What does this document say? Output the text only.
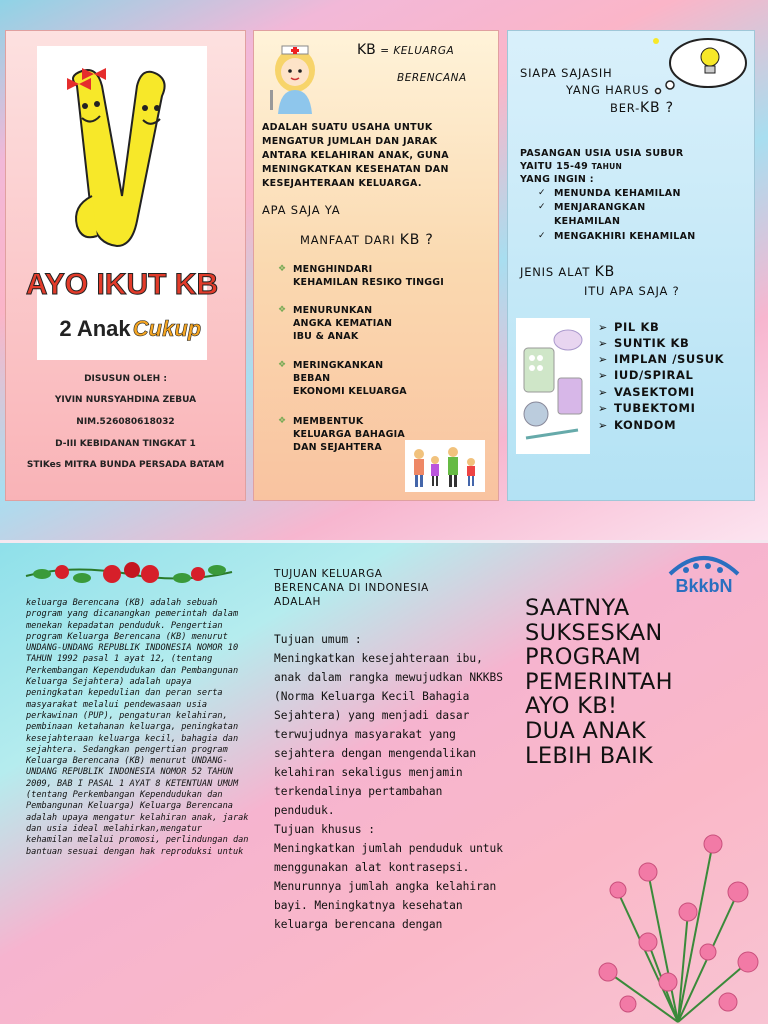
AYO IKUT KB
2 Anak Cukup
DISUSUN OLEH :
YIVIN NURSYAHDINA ZEBUA
NIM.526080618032
D-III KEBIDANAN TINGKAT 1
STIKes MITRA BUNDA PERSADA BATAM
KB = KELUARGA
BERENCANA
ADALAH SUATU USAHA UNTUK
MENGATUR JUMLAH DAN JARAK
ANTARA KELAHIRAN ANAK, GUNA
MENINGKATKAN KESEHATAN DAN
KESEJAHTERAAN KELUARGA.
APA SAJA YA
MANFAAT DARI KB ?
❖ MENGHINDARI
KEHAMILAN RESIKO TINGGI
❖ MENURUNKAN
ANGKA KEMATIAN
IBU & ANAK
❖ MERINGKANKAN
BEBAN
EKONOMI KELUARGA
❖ MEMBENTUK
KELUARGA BAHAGIA
DAN SEJAHTERA
SIAPA SAJASIH
YANG HARUS
BER-KB ?
PASANGAN USIA USIA SUBUR
YAITU 15-49 TAHUN
YANG INGIN :
✓ MENUNDA KEHAMILAN
✓ MENJARANGKAN
KEHAMILAN
✓ MENGAKHIRI KEHAMILAN
JENIS ALAT KB
ITU APA SAJA ?
➢ PIL KB
➢ SUNTIK KB
➢ IMPLAN /SUSUK
➢ IUD/SPIRAL
➢ VASEKTOMI
➢ TUBEKTOMI
➢ KONDOM
keluarga Berencana (KB) adalah sebuah program yang dicanangkan pemerintah dalam menekan kepadatan penduduk. Pengertian program Keluarga Berencana (KB) menurut UNDANG-UNDANG REPUBLIK INDONESIA NOMOR 10 TAHUN 1992 pasal 1 ayat 12, (tentang Perkembangan Kependudukan dan Pembangunan Keluarga Sejahtera) adalah upaya peningkatan kepedulian dan peran serta masyarakat melalui pendewasaan usia perkawinan (PUP), pengaturan kelahiran, pembinaan ketahanan keluarga, peningkatan kesejahteraan keluarga kecil, bahagia dan sejahtera. Sedangkan pengertian program Keluarga Berencana (KB) menurut UNDANG-UNDANG REPUBLIK INDONESIA NOMOR 52 TAHUN 2009, BAB I PASAL 1 AYAT 8 KETENTUAN UMUM (tentang Perkembangan Kependudukan dan Pembangunan Keluarga) Keluarga Berencana adalah upaya mengatur kelahiran anak, jarak dan usia ideal melahirkan,mengatur kehamilan melalui promosi, perlindungan dan bantuan sesuai dengan hak reproduksi untuk
TUJUAN KELUARGA
BERENCANA DI INDONESIA
ADALAH
Tujuan umum :
Meningkatkan kesejahteraan ibu, anak dalam rangka mewujudkan NKKBS (Norma Keluarga Kecil Bahagia Sejahtera) yang menjadi dasar terwujudnya masyarakat yang sejahtera dengan mengendalikan kelahiran sekaligus menjamin terkendalinya pertambahan penduduk.
Tujuan khusus :
Meningkatkan jumlah penduduk untuk menggunakan alat kontrasepsi. Menurunnya jumlah angka kelahiran bayi. Meningkatnya kesehatan keluarga berencana dengan
BkkbN
SAATNYA
SUKSESKAN
PROGRAM
PEMERINTAH
AYO KB!
DUA ANAK
LEBIH BAIK
